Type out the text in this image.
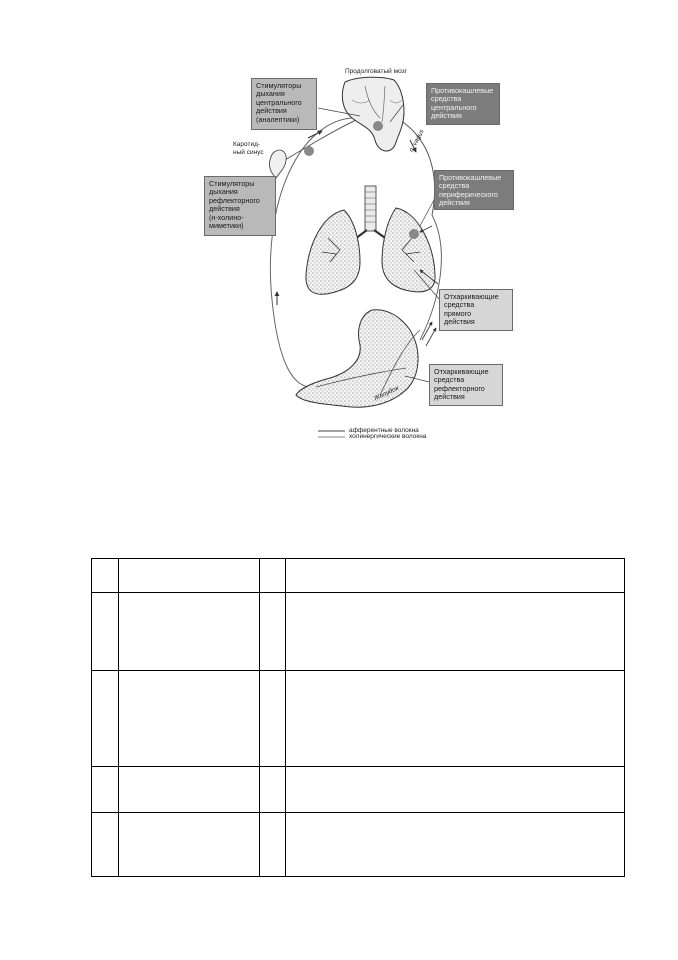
Продолговатый мозг
Каротид-
ный синус	n. vagus
Желудок
Стимуляторы
дыхания
центрального
действия
(аналептики)
Стимуляторы
дыхания
рефлекторного
действия
(н-холино-
миметики)
Противокашлевые
средства
центрального
действия
Противокашлевые
средства
периферического
действия
Отхаркивающие
средства
прямого
действия
Отхаркивающие
средства
рефлекторного
действия
афферентные волокна
холинергические волокна
